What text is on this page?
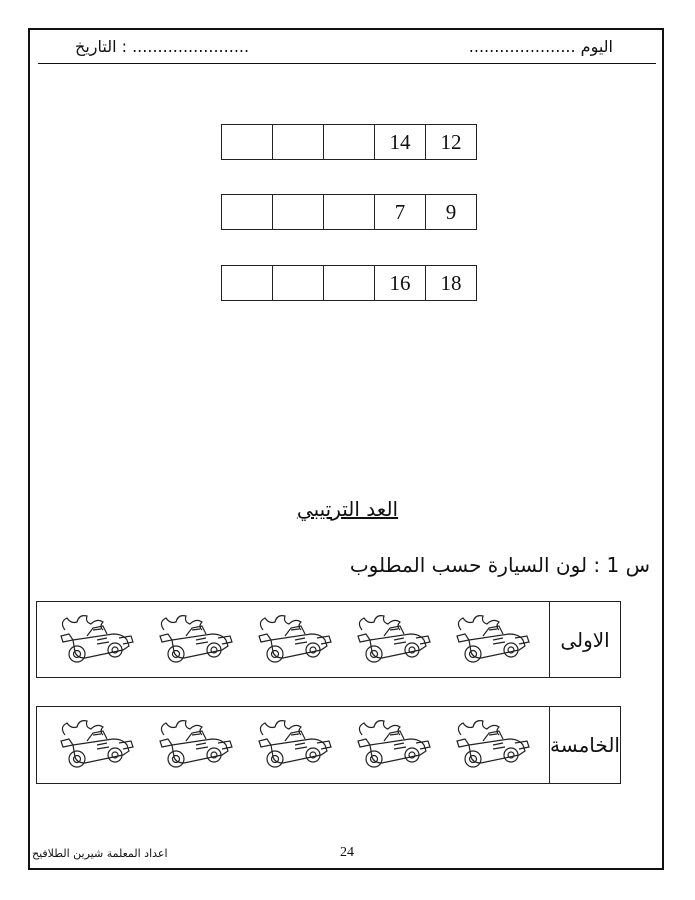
التاريخ : .......................	اليوم .....................
			14	12
			7	9
			16	18
العد الترتيبي
س 1 : لون السيارة حسب المطلوب
الاولى
الخامسة
اعداد المعلمة شيرين الطلافيح	24
